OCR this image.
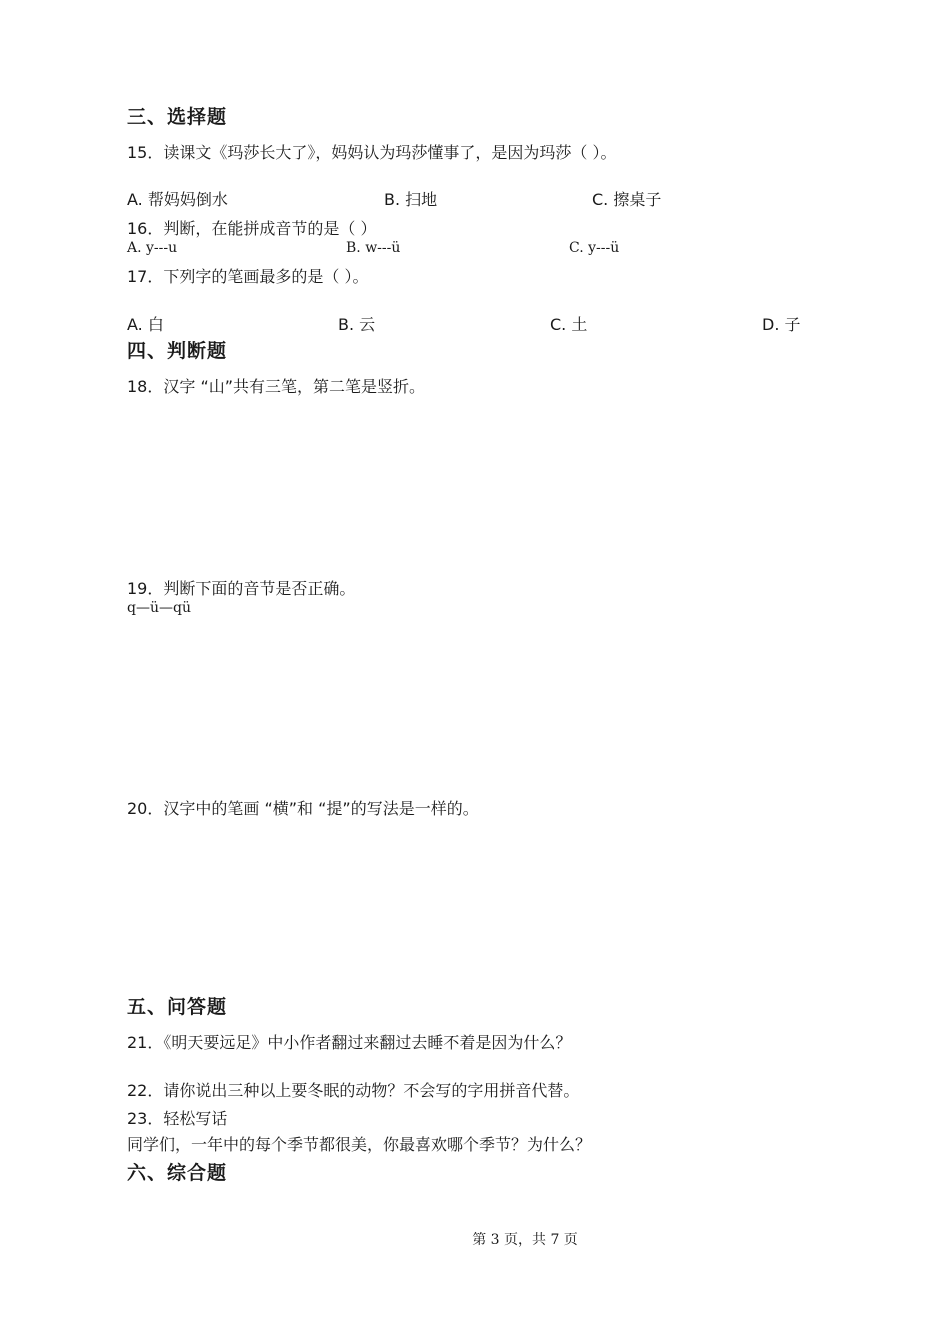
三、选择题
15．读课文《玛莎长大了》，妈妈认为玛莎懂事了，是因为玛莎（ ）。
A. 帮妈妈倒水	B. 扫地	C. 擦桌子
16．判断，在能拼成音节的是（ ）
A. y---u	B. w---ü	C. y---ü
17．下列字的笔画最多的是（ ）。
A. 白	B. 云	C. 土	D. 子
四、判断题
18．汉字 “山”共有三笔，第二笔是竖折。
19．判断下面的音节是否正确。
q—ü—qü
20．汉字中的笔画 “横”和 “提”的写法是一样的。
五、问答题
21．《明天要远足》中小作者翻过来翻过去睡不着是因为什么？
22．请你说出三种以上要冬眠的动物？不会写的字用拼音代替。
23．轻松写话
同学们，一年中的每个季节都很美，你最喜欢哪个季节？为什么？
六、综合题
第 3 页，共 7 页
